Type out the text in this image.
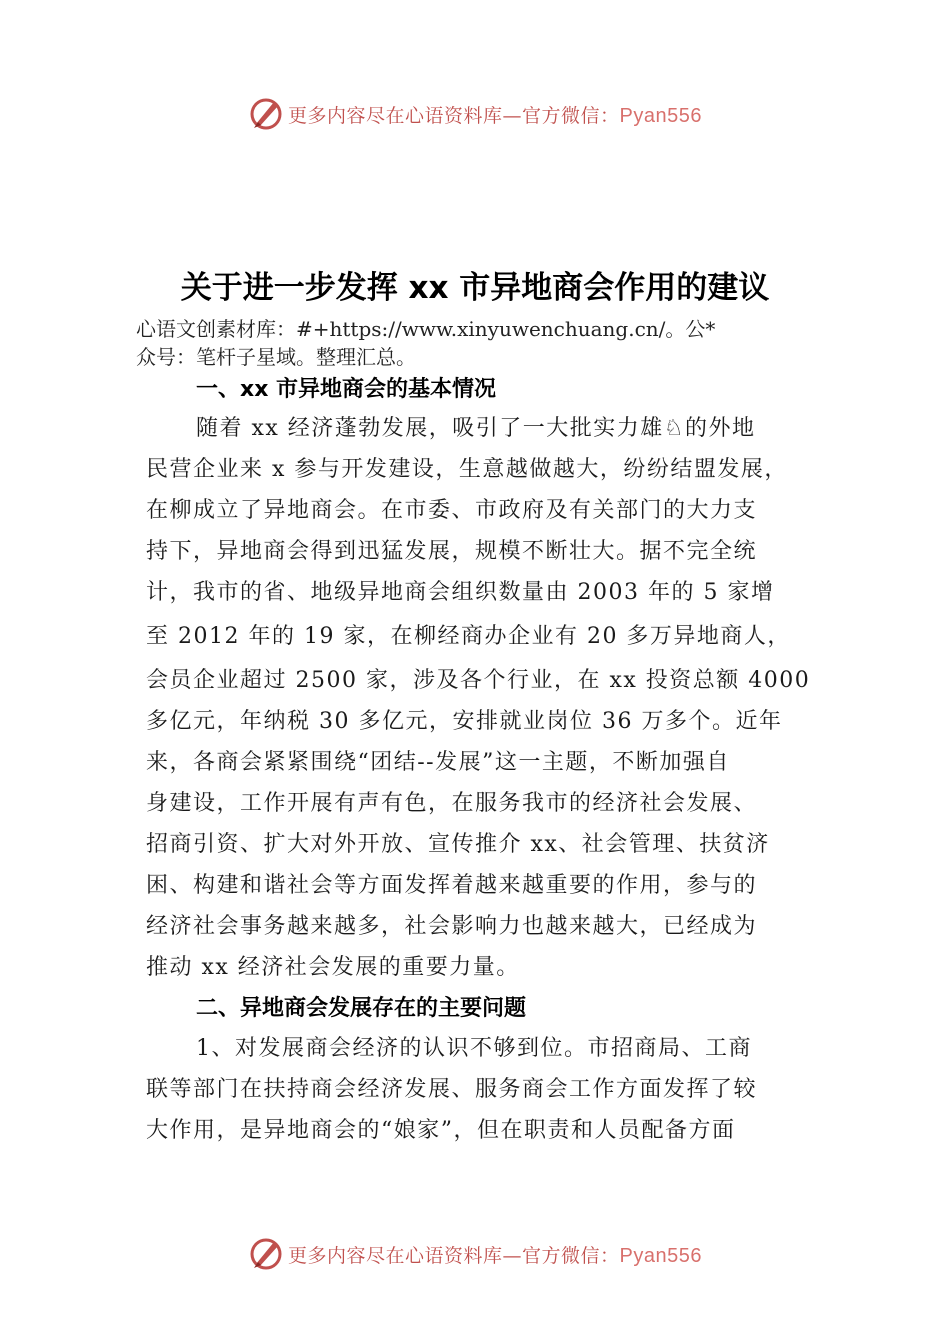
更多内容尽在心语资料库—官方微信：Pyan556
关于进一步发挥 xx 市异地商会作用的建议
心语文创素材库：#+https://www.xinyuwenchuang.cn/。公*
众号：笔杆子星域。整理汇总。
一、xx 市异地商会的基本情况
随着 xx 经济蓬勃发展，吸引了一大批实力雄♘的外地
民营企业来 x 参与开发建设，生意越做越大，纷纷结盟发展，
在柳成立了异地商会。在市委、市政府及有关部门的大力支
持下，异地商会得到迅猛发展，规模不断壮大。据不完全统
计，我市的省、地级异地商会组织数量由 2003 年的 5 家增
至 2012 年的 19 家，在柳经商办企业有 20 多万异地商人，
会员企业超过 2500 家，涉及各个行业，在 xx 投资总额 4000
多亿元，年纳税 30 多亿元，安排就业岗位 36 万多个。近年
来，各商会紧紧围绕“团结--发展”这一主题，不断加强自
身建设，工作开展有声有色，在服务我市的经济社会发展、
招商引资、扩大对外开放、宣传推介 xx、社会管理、扶贫济
困、构建和谐社会等方面发挥着越来越重要的作用，参与的
经济社会事务越来越多，社会影响力也越来越大，已经成为
推动 xx 经济社会发展的重要力量。
二、异地商会发展存在的主要问题
1、对发展商会经济的认识不够到位。市招商局、工商
联等部门在扶持商会经济发展、服务商会工作方面发挥了较
大作用，是异地商会的“娘家”，但在职责和人员配备方面
更多内容尽在心语资料库—官方微信：Pyan556
